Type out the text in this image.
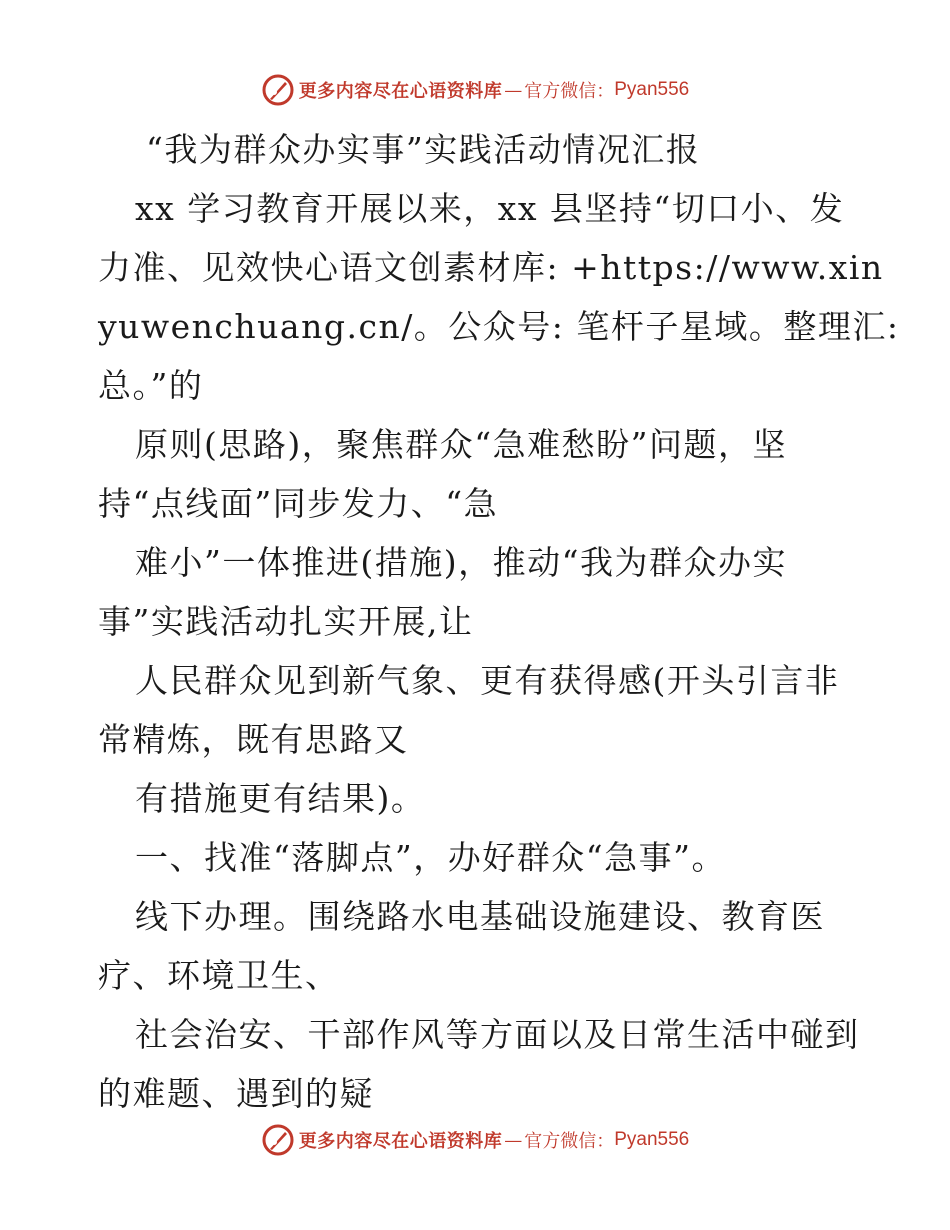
更多内容尽在心语资料库 — 官方微信： Pyan556
“我为群众办实事”实践活动情况汇报
xx 学习教育开展以来，xx 县坚持“切口小、发
力准、见效快心语文创素材库: +https://www.xin
yuwenchuang.cn/。公众号: 笔杆子星域。整理汇:
总。”的
原则(思路)，聚焦群众“急难愁盼”问题，坚
持“点线面”同步发力、“急
难小”一体推进(措施)，推动“我为群众办实
事”实践活动扎实开展,让
人民群众见到新气象、更有获得感(开头引言非
常精炼，既有思路又
有措施更有结果)。
一、找准“落脚点”，办好群众“急事”。
线下办理。围绕路水电基础设施建设、教育医
疗、环境卫生、
社会治安、干部作风等方面以及日常生活中碰到
的难题、遇到的疑
更多内容尽在心语资料库 — 官方微信： Pyan556
